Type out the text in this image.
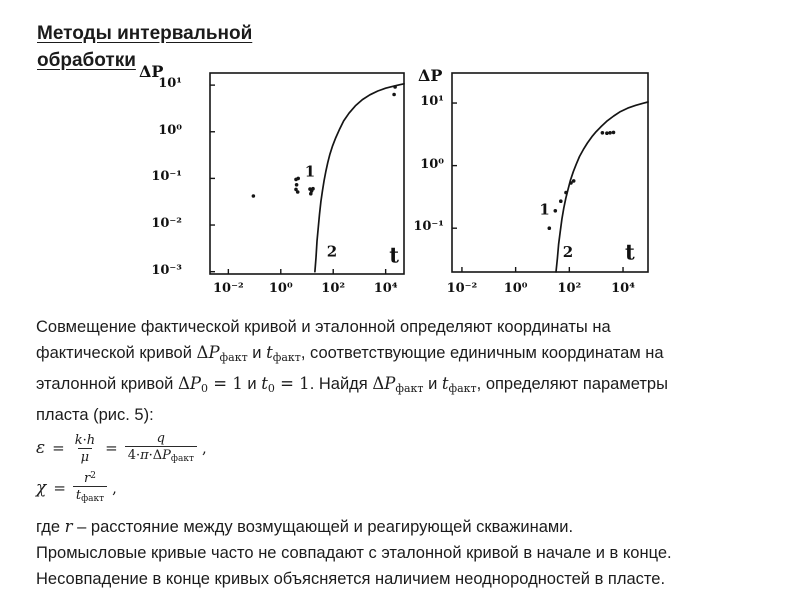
Методы интервальной
обработки
1
2 t
1
2 t
10⁻²	10⁰	10²	10⁴
10¹
10⁰
10⁻¹
10⁻²
10⁻³
ΔP
10⁻²	10⁰	10²	10⁴
10¹
10⁰
10⁻¹
ΔP
Совмещение фактической кривой и эталонной определяют координаты на
фактической кривой ΔPфакт и tфакт, соответствующие единичным координатам на
эталонной кривой ΔP0 = 1 и t0 = 1. Найдя ΔPфакт и tфакт, определяют параметры
пласта (рис. 5):
$\varepsilon = \frac{k\cdot h}{\mu} = \frac{q}{\text{4·π·ΔPфакт}}$ ,
$\chi = \frac{r^2}{\text{tфакт}}$ ,
где r – расстояние между возмущающей и реагирующей скважинами.
Промысловые кривые часто не совпадают с эталонной кривой в начале и в конце.
Несовпадение в конце кривых объясняется наличием неоднородностей в пласте.
